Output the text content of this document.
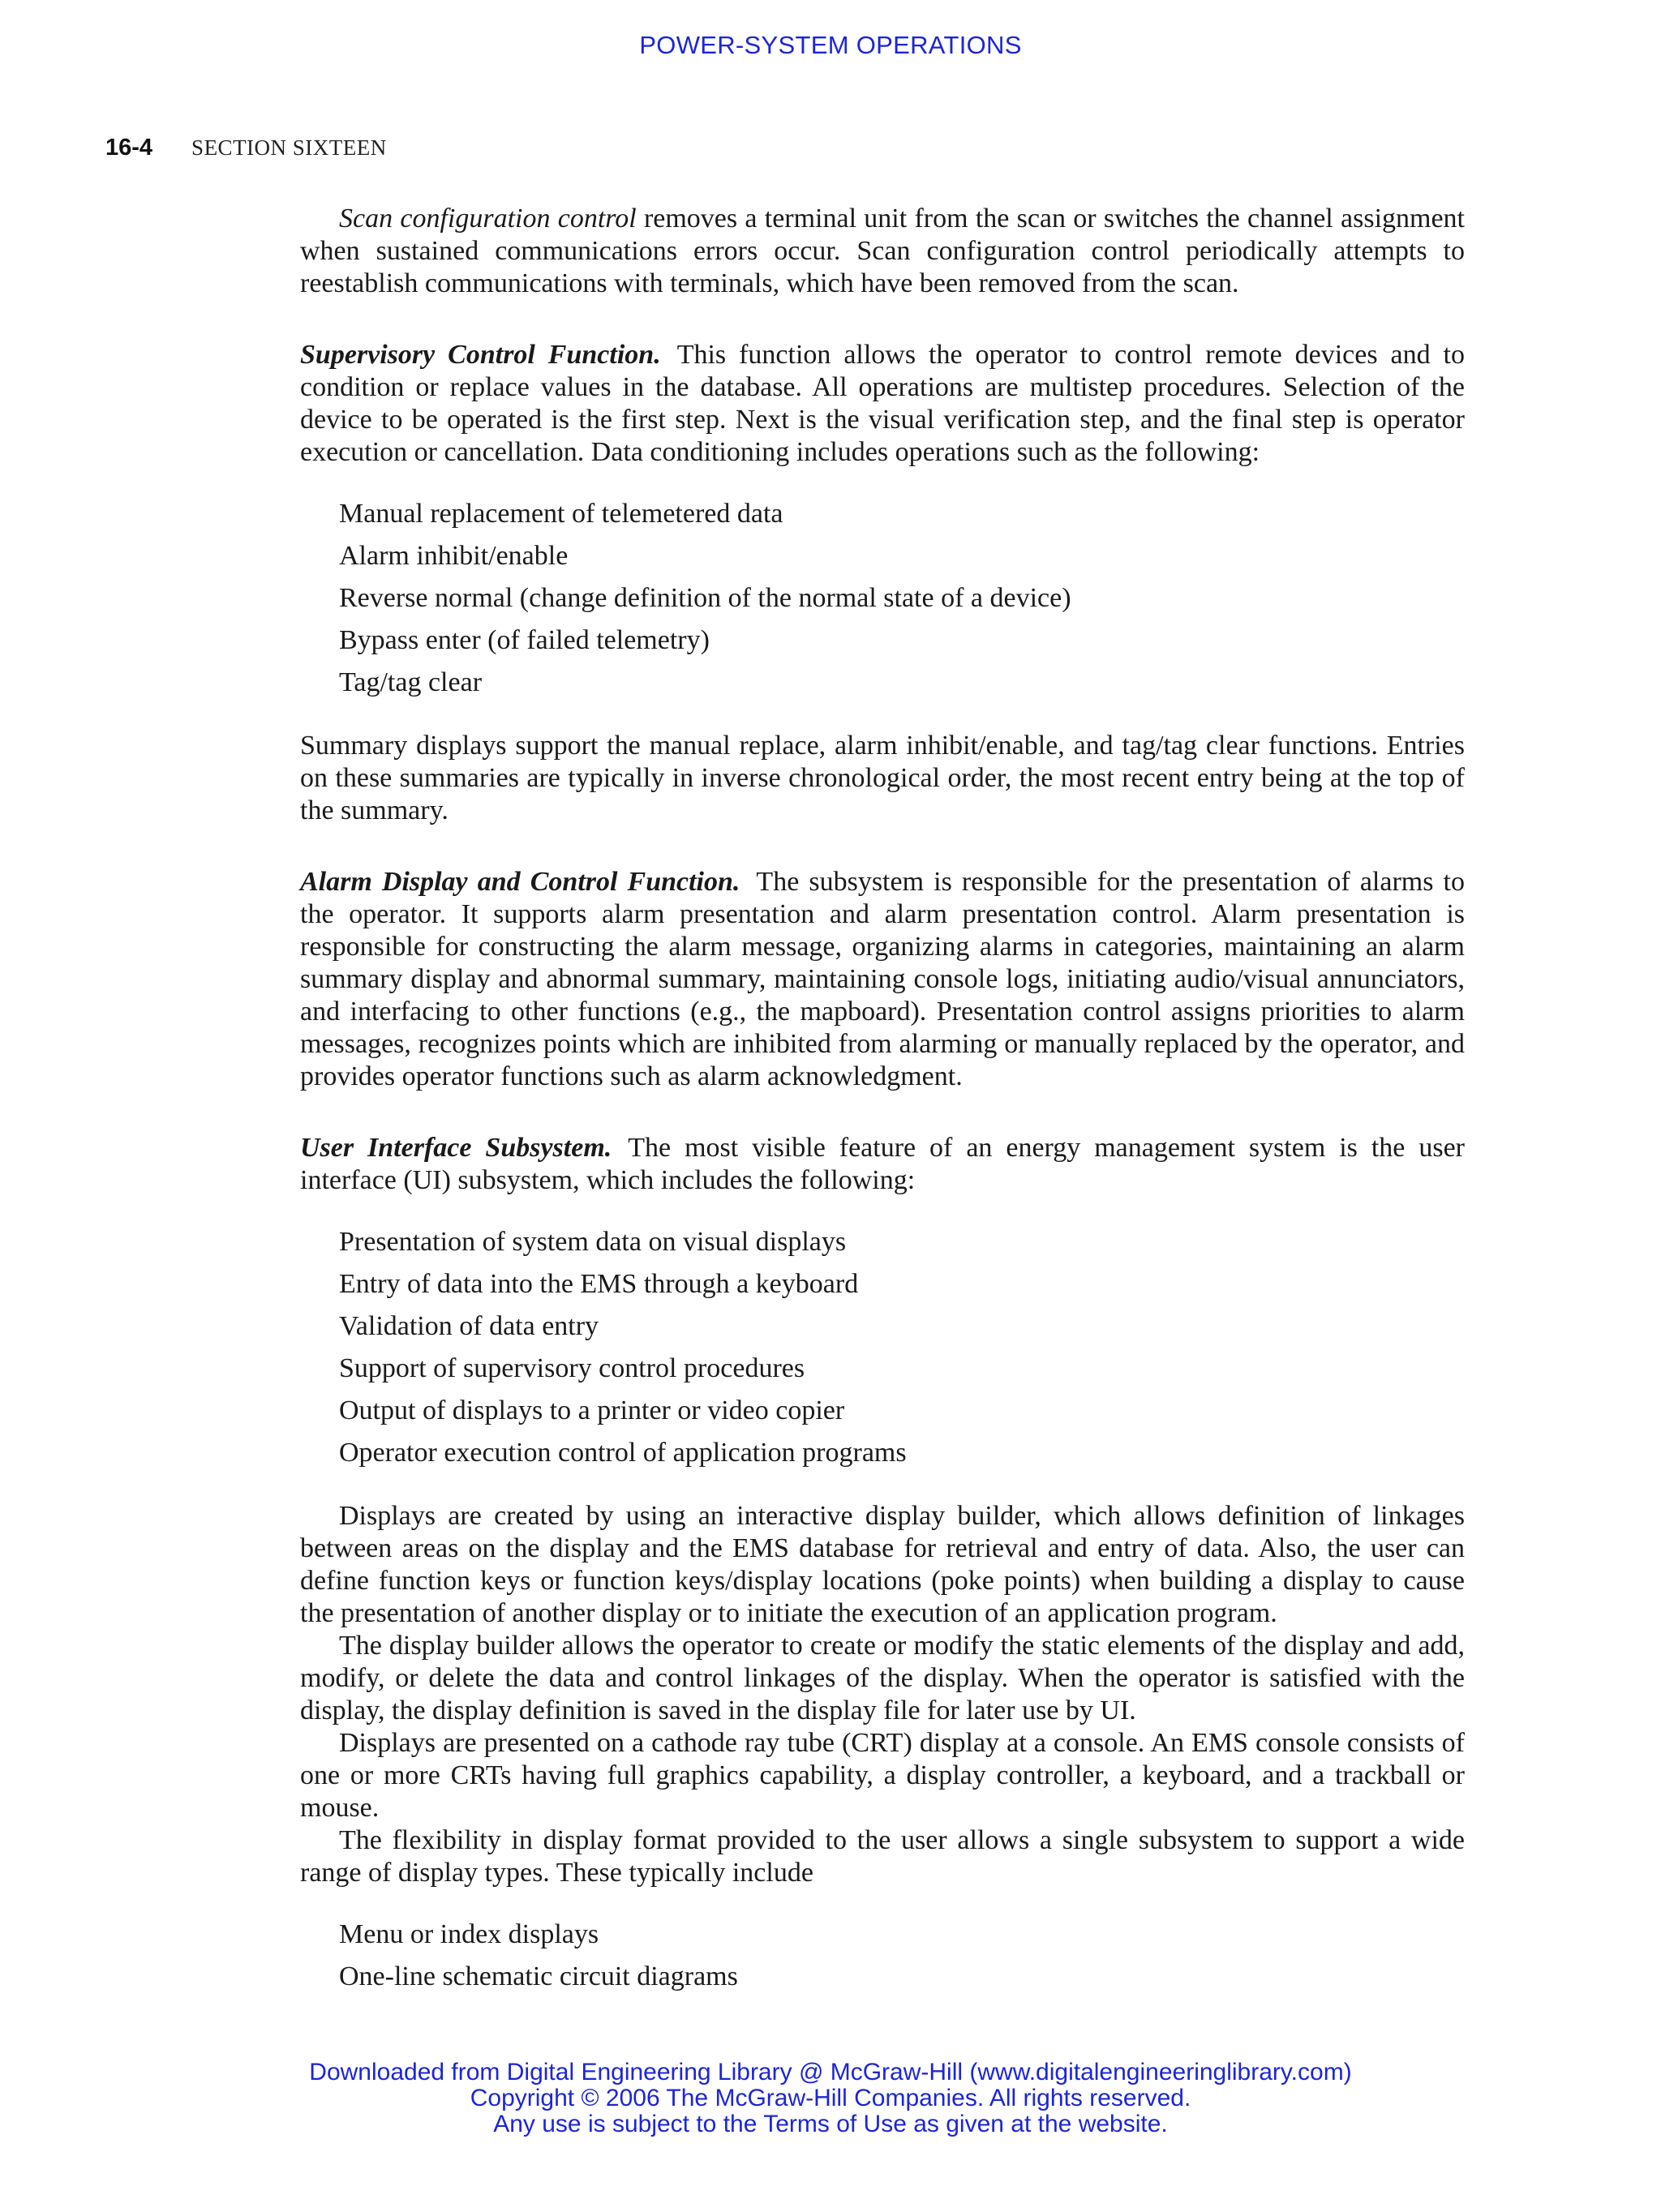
POWER-SYSTEM OPERATIONS
16-4 SECTION SIXTEEN

Scan configuration control removes a terminal unit from the scan or switches the channel assignment when sustained communications errors occur. Scan configuration control periodically attempts to reestablish communications with terminals, which have been removed from the scan.

Supervisory Control Function. This function allows the operator to control remote devices and to condition or replace values in the database. All operations are multistep procedures. Selection of the device to be operated is the first step. Next is the visual verification step, and the final step is operator execution or cancellation. Data conditioning includes operations such as the following:

Manual replacement of telemetered data
Alarm inhibit/enable
Reverse normal (change definition of the normal state of a device)
Bypass enter (of failed telemetry)
Tag/tag clear

Summary displays support the manual replace, alarm inhibit/enable, and tag/tag clear functions. Entries on these summaries are typically in inverse chronological order, the most recent entry being at the top of the summary.

Alarm Display and Control Function. The subsystem is responsible for the presentation of alarms to the operator. It supports alarm presentation and alarm presentation control. Alarm presentation is responsible for constructing the alarm message, organizing alarms in categories, maintaining an alarm summary display and abnormal summary, maintaining console logs, initiating audio/visual annunciators, and interfacing to other functions (e.g., the mapboard). Presentation control assigns priorities to alarm messages, recognizes points which are inhibited from alarming or manually replaced by the operator, and provides operator functions such as alarm acknowledgment.

User Interface Subsystem. The most visible feature of an energy management system is the user interface (UI) subsystem, which includes the following:

Presentation of system data on visual displays
Entry of data into the EMS through a keyboard
Validation of data entry
Support of supervisory control procedures
Output of displays to a printer or video copier
Operator execution control of application programs

Displays are created by using an interactive display builder, which allows definition of linkages between areas on the display and the EMS database for retrieval and entry of data. Also, the user can define function keys or function keys/display locations (poke points) when building a display to cause the presentation of another display or to initiate the execution of an application program.

The display builder allows the operator to create or modify the static elements of the display and add, modify, or delete the data and control linkages of the display. When the operator is satisfied with the display, the display definition is saved in the display file for later use by UI.

Displays are presented on a cathode ray tube (CRT) display at a console. An EMS console consists of one or more CRTs having full graphics capability, a display controller, a keyboard, and a trackball or mouse.

The flexibility in display format provided to the user allows a single subsystem to support a wide range of display types. These typically include

Menu or index displays
One-line schematic circuit diagrams
Downloaded from Digital Engineering Library @ McGraw-Hill (www.digitalengineeringlibrary.com)
Copyright © 2006 The McGraw-Hill Companies. All rights reserved.
Any use is subject to the Terms of Use as given at the website.
